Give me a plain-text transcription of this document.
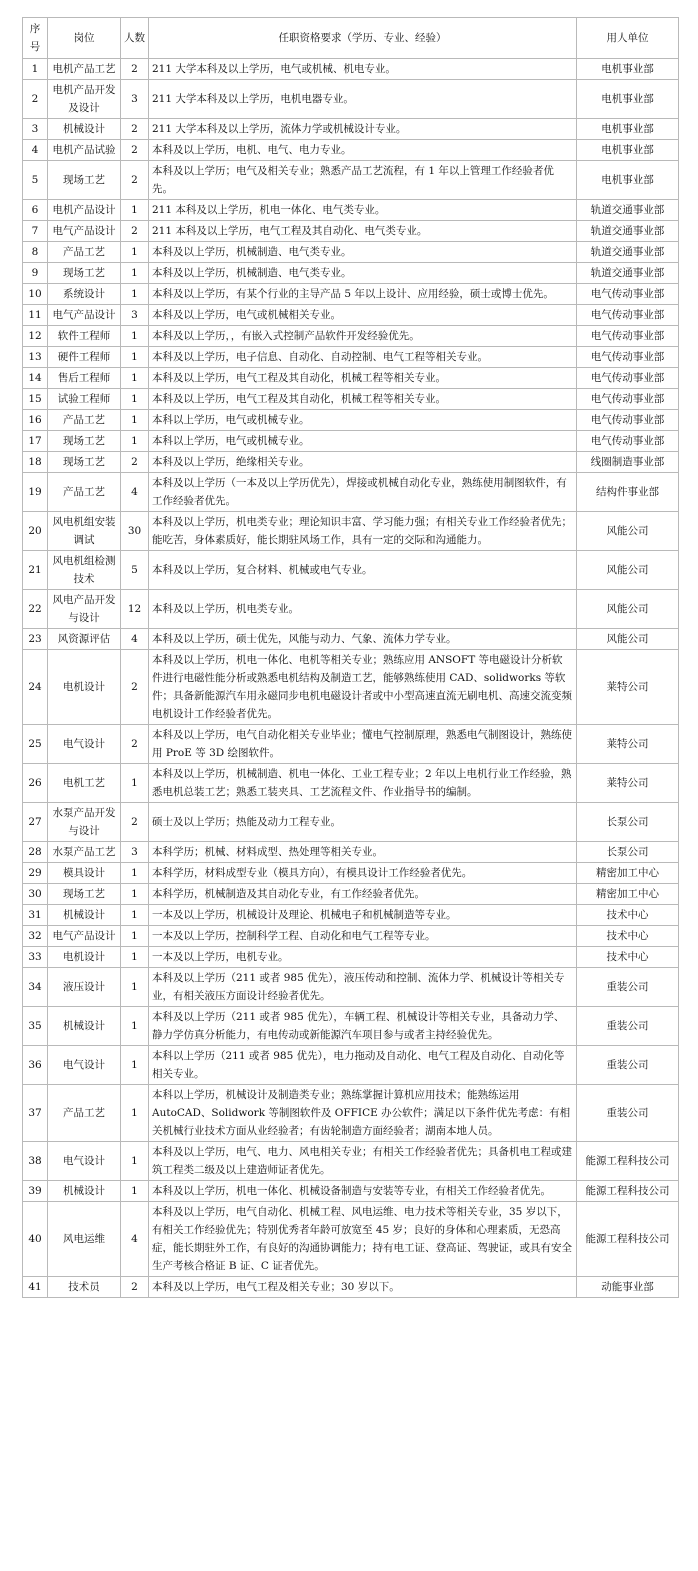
序号	岗位	人数	任职资格要求（学历、专业、经验）	用人单位
1	电机产品工艺	2	211 大学本科及以上学历，电气或机械、机电专业。	电机事业部
2	电机产品开发及设计	3	211 大学本科及以上学历，电机电器专业。	电机事业部
3	机械设计	2	211 大学本科及以上学历，流体力学或机械设计专业。	电机事业部
4	电机产品试验	2	本科及以上学历，电机、电气、电力专业。	电机事业部
5	现场工艺	2	本科及以上学历；电气及相关专业；熟悉产品工艺流程，有 1 年以上管理工作经验者优先。	电机事业部
6	电机产品设计	1	211 本科及以上学历，机电一体化、电气类专业。	轨道交通事业部
7	电气产品设计	2	211 本科及以上学历，电气工程及其自动化、电气类专业。	轨道交通事业部
8	产品工艺	1	本科及以上学历，机械制造、电气类专业。	轨道交通事业部
9	现场工艺	1	本科及以上学历，机械制造、电气类专业。	轨道交通事业部
10	系统设计	1	本科及以上学历，有某个行业的主导产品 5 年以上设计、应用经验，硕士或博士优先。	电气传动事业部
11	电气产品设计	3	本科及以上学历，电气或机械相关专业。	电气传动事业部
12	软件工程师	1	本科及以上学历，，有嵌入式控制产品软件开发经验优先。	电气传动事业部
13	硬件工程师	1	本科及以上学历，电子信息、自动化、自动控制、电气工程等相关专业。	电气传动事业部
14	售后工程师	1	本科及以上学历，电气工程及其自动化，机械工程等相关专业。	电气传动事业部
15	试验工程师	1	本科及以上学历，电气工程及其自动化，机械工程等相关专业。	电气传动事业部
16	产品工艺	1	本科以上学历，电气或机械专业。	电气传动事业部
17	现场工艺	1	本科以上学历，电气或机械专业。	电气传动事业部
18	现场工艺	2	本科及以上学历，绝缘相关专业。	线圈制造事业部
19	产品工艺	4	本科及以上学历（一本及以上学历优先），焊接或机械自动化专业，熟练使用制图软件，有工作经验者优先。	结构件事业部
20	风电机组安装调试	30	本科及以上学历，机电类专业；理论知识丰富、学习能力强；有相关专业工作经验者优先；能吃苦，身体素质好，能长期驻风场工作，具有一定的交际和沟通能力。	风能公司
21	风电机组检测技术	5	本科及以上学历，复合材料、机械或电气专业。	风能公司
22	风电产品开发与设计	12	本科及以上学历，机电类专业。	风能公司
23	风资源评估	4	本科及以上学历，硕士优先，风能与动力、气象、流体力学专业。	风能公司
24	电机设计	2	本科及以上学历，机电一体化、电机等相关专业；熟练应用 ANSOFT 等电磁设计分析软件进行电磁性能分析或熟悉电机结构及制造工艺，能够熟练使用 CAD、solidworks 等软件；具备新能源汽车用永磁同步电机电磁设计者或中小型高速直流无刷电机、高速交流变频电机设计工作经验者优先。	莱特公司
25	电气设计	2	本科及以上学历，电气自动化相关专业毕业；懂电气控制原理，熟悉电气制图设计，熟练使用 ProE 等 3D 绘图软件。	莱特公司
26	电机工艺	1	本科及以上学历，机械制造、机电一体化、工业工程专业；2 年以上电机行业工作经验，熟悉电机总装工艺；熟悉工装夹具、工艺流程文件、作业指导书的编制。	莱特公司
27	水泵产品开发与设计	2	硕士及以上学历；热能及动力工程专业。	长泵公司
28	水泵产品工艺	3	本科学历；机械、材料成型、热处理等相关专业。	长泵公司
29	模具设计	1	本科学历，材料成型专业（模具方向），有模具设计工作经验者优先。	精密加工中心
30	现场工艺	1	本科学历，机械制造及其自动化专业，有工作经验者优先。	精密加工中心
31	机械设计	1	一本及以上学历，机械设计及理论、机械电子和机械制造等专业。	技术中心
32	电气产品设计	1	一本及以上学历，控制科学工程、自动化和电气工程等专业。	技术中心
33	电机设计	1	一本及以上学历，电机专业。	技术中心
34	液压设计	1	本科及以上学历（211 或者 985 优先），液压传动和控制、流体力学、机械设计等相关专业，有相关液压方面设计经验者优先。	重装公司
35	机械设计	1	本科及以上学历（211 或者 985 优先），车辆工程、机械设计等相关专业，具备动力学、静力学仿真分析能力，有电传动或新能源汽车项目参与或者主持经验优先。	重装公司
36	电气设计	1	本科以上学历（211 或者 985 优先），电力拖动及自动化、电气工程及自动化、自动化等相关专业。	重装公司
37	产品工艺	1	本科以上学历，机械设计及制造类专业；熟练掌握计算机应用技术；能熟练运用 AutoCAD、Solidwork 等制图软件及 OFFICE 办公软件；满足以下条件优先考虑：有相关机械行业技术方面从业经验者；有齿轮制造方面经验者；湖南本地人员。	重装公司
38	电气设计	1	本科及以上学历，电气、电力、风电相关专业；有相关工作经验者优先；具备机电工程或建筑工程类二级及以上建造师证者优先。	能源工程科技公司
39	机械设计	1	本科及以上学历，机电一体化、机械设备制造与安装等专业，有相关工作经验者优先。	能源工程科技公司
40	风电运维	4	本科及以上学历，电气自动化、机械工程、风电运维、电力技术等相关专业，35 岁以下，有相关工作经验优先；特别优秀者年龄可放宽至 45 岁；良好的身体和心理素质，无恐高症，能长期驻外工作，有良好的沟通协调能力；持有电工证、登高证、驾驶证，或具有安全生产考核合格证 B 证、C 证者优先。	能源工程科技公司
41	技术员	2	本科及以上学历，电气工程及相关专业；30 岁以下。	动能事业部
